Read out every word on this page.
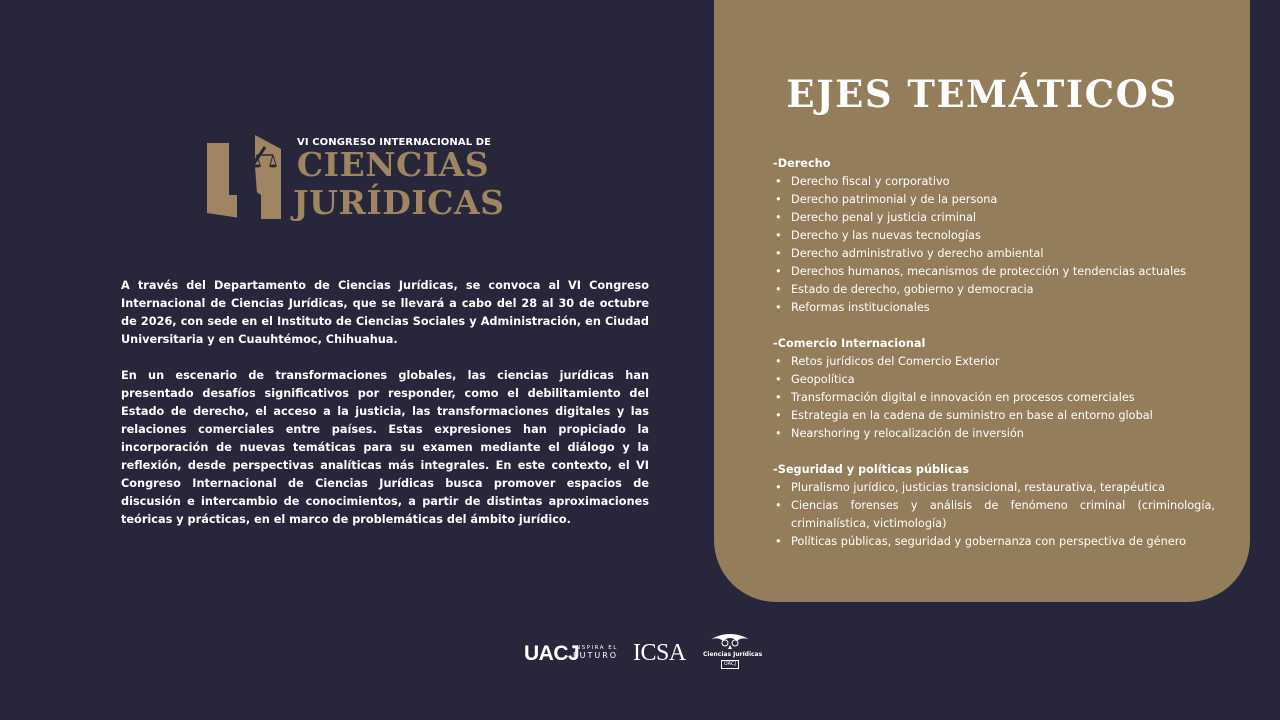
VI CONGRESO INTERNACIONAL DE
CIENCIAS
JURÍDICAS

A través del Departamento de Ciencias Jurídicas, se convoca al VI Congreso Internacional de Ciencias Jurídicas, que se llevará a cabo del 28 al 30 de octubre de 2026, con sede en el Instituto de Ciencias Sociales y Administración, en Ciudad Universitaria y en Cuauhtémoc, Chihuahua.

En un escenario de transformaciones globales, las ciencias jurídicas han presentado desafíos significativos por responder, como el debilitamiento del Estado de derecho, el acceso a la justicia, las transformaciones digitales y las relaciones comerciales entre países. Estas expresiones han propiciado la incorporación de nuevas temáticas para su examen mediante el diálogo y la reflexión, desde perspectivas analíticas más integrales. En este contexto, el VI Congreso Internacional de Ciencias Jurídicas busca promover espacios de discusión e intercambio de conocimientos, a partir de distintas aproximaciones teóricas y prácticas, en el marco de problemáticas del ámbito jurídico.

EJES TEMÁTICOS
-Derecho
• Derecho fiscal y corporativo
• Derecho patrimonial y de la persona
• Derecho penal y justicia criminal
• Derecho y las nuevas tecnologías
• Derecho administrativo y derecho ambiental
• Derechos humanos, mecanismos de protección y tendencias actuales
• Estado de derecho, gobierno y democracia
• Reformas institucionales
-Comercio Internacional
• Retos jurídicos del Comercio Exterior
• Geopolítica
• Transformación digital e innovación en procesos comerciales
• Estrategia en la cadena de suministro en base al entorno global
• Nearshoring y relocalización de inversión
-Seguridad y políticas públicas
• Pluralismo jurídico, justicias transicional, restaurativa, terapéutica
• Ciencias forenses y análisis de fenómeno criminal (criminología, criminalística, victimología)
• Políticas públicas, seguridad y gobernanza con perspectiva de género
UACJ
INSPIRA EL
FUTURO ICSA	Ciencias Jurídicas
UACJ
